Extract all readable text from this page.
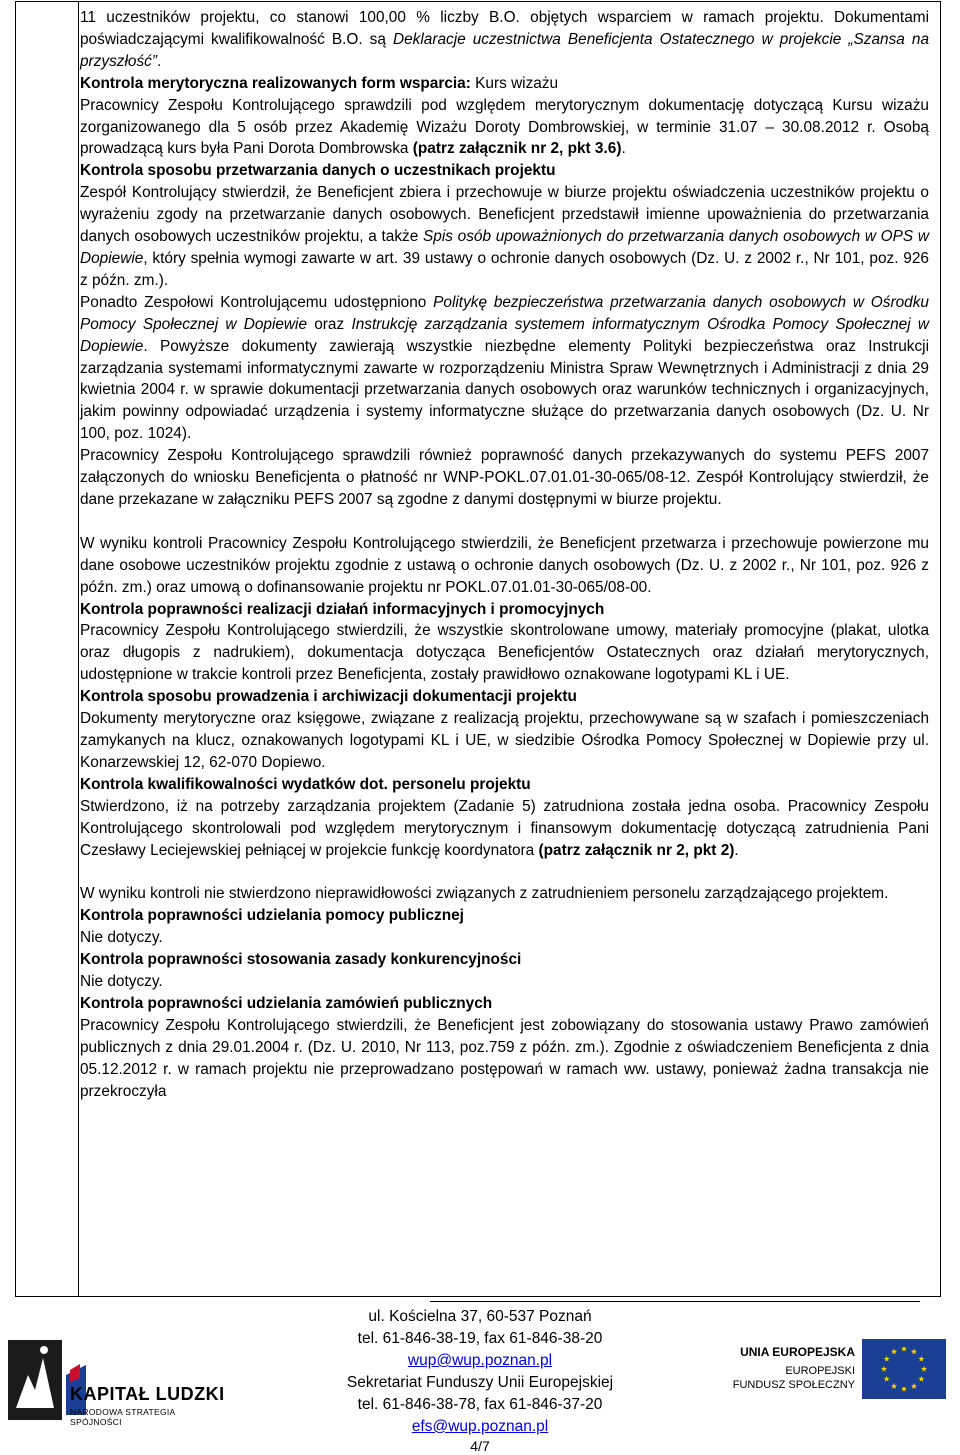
11 uczestników projektu, co stanowi 100,00 % liczby B.O. objętych wsparciem w ramach projektu. Dokumentami poświadczającymi kwalifikowalność B.O. są Deklaracje uczestnictwa Beneficjenta Ostatecznego w projekcie „Szansa na przyszłość”.

Kontrola merytoryczna realizowanych form wsparcia: Kurs wizażu

Pracownicy Zespołu Kontrolującego sprawdzili pod względem merytorycznym dokumentację dotyczącą Kursu wizażu zorganizowanego dla 5 osób przez Akademię Wizażu Doroty Dombrowskiej, w terminie 31.07 – 30.08.2012 r. Osobą prowadzącą kurs była Pani Dorota Dombrowska (patrz załącznik nr 2, pkt 3.6).

Kontrola sposobu przetwarzania danych o uczestnikach projektu

Zespół Kontrolujący stwierdził, że Beneficjent zbiera i przechowuje w biurze projektu oświadczenia uczestników projektu o wyrażeniu zgody na przetwarzanie danych osobowych. Beneficjent przedstawił imienne upoważnienia do przetwarzania danych osobowych uczestników projektu, a także Spis osób upoważnionych do przetwarzania danych osobowych w OPS w Dopiewie, który spełnia wymogi zawarte w art. 39 ustawy o ochronie danych osobowych (Dz. U. z 2002 r., Nr 101, poz. 926 z późn. zm.).

Ponadto Zespołowi Kontrolującemu udostępniono Politykę bezpieczeństwa przetwarzania danych osobowych w Ośrodku Pomocy Społecznej w Dopiewie oraz Instrukcję zarządzania systemem informatycznym Ośrodka Pomocy Społecznej w Dopiewie. Powyższe dokumenty zawierają wszystkie niezbędne elementy Polityki bezpieczeństwa oraz Instrukcji zarządzania systemami informatycznymi zawarte w rozporządzeniu Ministra Spraw Wewnętrznych i Administracji z dnia 29 kwietnia 2004 r. w sprawie dokumentacji przetwarzania danych osobowych oraz warunków technicznych i organizacyjnych, jakim powinny odpowiadać urządzenia i systemy informatyczne służące do przetwarzania danych osobowych (Dz. U. Nr 100, poz. 1024).

Pracownicy Zespołu Kontrolującego sprawdzili również poprawność danych przekazywanych do systemu PEFS 2007 załączonych do wniosku Beneficjenta o płatność nr WNP-POKL.07.01.01-30-065/08-12. Zespół Kontrolujący stwierdził, że dane przekazane w załączniku PEFS 2007 są zgodne z danymi dostępnymi w biurze projektu.

W wyniku kontroli Pracownicy Zespołu Kontrolującego stwierdzili, że Beneficjent przetwarza i przechowuje powierzone mu dane osobowe uczestników projektu zgodnie z ustawą o ochronie danych osobowych (Dz. U. z 2002 r., Nr 101, poz. 926 z późn. zm.) oraz umową o dofinansowanie projektu nr POKL.07.01.01-30-065/08-00.

Kontrola poprawności realizacji działań informacyjnych i promocyjnych

Pracownicy Zespołu Kontrolującego stwierdzili, że wszystkie skontrolowane umowy, materiały promocyjne (plakat, ulotka oraz długopis z nadrukiem), dokumentacja dotycząca Beneficjentów Ostatecznych oraz działań merytorycznych, udostępnione w trakcie kontroli przez Beneficjenta, zostały prawidłowo oznakowane logotypami KL i UE.

Kontrola sposobu prowadzenia i archiwizacji dokumentacji projektu

Dokumenty merytoryczne oraz księgowe, związane z realizacją projektu, przechowywane są w szafach i pomieszczeniach zamykanych na klucz, oznakowanych logotypami KL i UE, w siedzibie Ośrodka Pomocy Społecznej w Dopiewie przy ul. Konarzewskiej 12, 62-070 Dopiewo.

Kontrola kwalifikowalności wydatków dot. personelu projektu

Stwierdzono, iż na potrzeby zarządzania projektem (Zadanie 5) zatrudniona została jedna osoba. Pracownicy Zespołu Kontrolującego skontrolowali pod względem merytorycznym i finansowym dokumentację dotyczącą zatrudnienia Pani Czesławy Leciejewskiej pełniącej w projekcie funkcję koordynatora (patrz załącznik nr 2, pkt 2).

W wyniku kontroli nie stwierdzono nieprawidłowości związanych z zatrudnieniem personelu zarządzającego projektem.

Kontrola poprawności udzielania pomocy publicznej

Nie dotyczy.

Kontrola poprawności stosowania zasady konkurencyjności

Nie dotyczy.

Kontrola poprawności udzielania zamówień publicznych

Pracownicy Zespołu Kontrolującego stwierdzili, że Beneficjent jest zobowiązany do stosowania ustawy Prawo zamówień publicznych z dnia 29.01.2004 r. (Dz. U. 2010, Nr 113, poz.759 z późn. zm.). Zgodnie z oświadczeniem Beneficjenta z dnia 05.12.2012 r. w ramach projektu nie przeprowadzano postępowań w ramach ww. ustawy, ponieważ żadna transakcja nie przekroczyła

KAPITAŁ LUDZKI
NARODOWA STRATEGIA SPÓJNOŚCI
ul. Kościelna 37, 60-537 Poznań
tel. 61-846-38-19, fax 61-846-38-20
wup@wup.poznan.pl
Sekretariat Funduszy Unii Europejskiej
tel. 61-846-38-78, fax 61-846-37-20
efs@wup.poznan.pl
4/7
UNIA EUROPEJSKA
EUROPEJSKI
FUNDUSZ SPOŁECZNY
